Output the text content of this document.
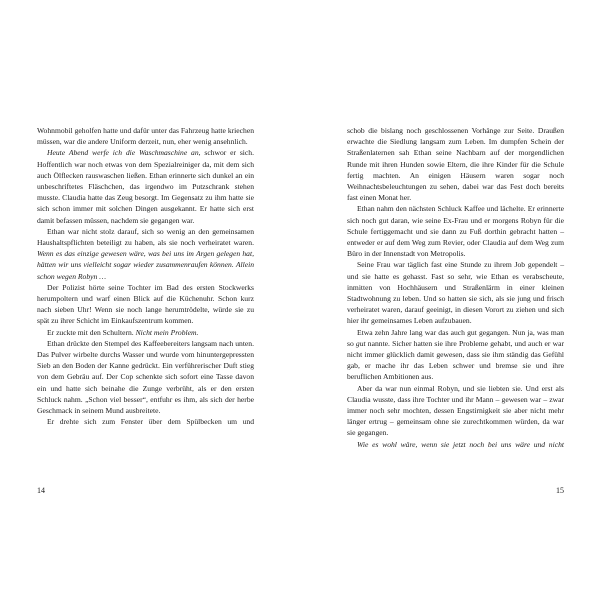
Wohnmobil geholfen hatte und dafür unter das Fahrzeug hatte kriechen müssen, war die andere Uniform derzeit, nun, eher wenig ansehnlich.

Heute Abend werfe ich die Waschmaschine an, schwor er sich. Hoffentlich war noch etwas von dem Spezialreiniger da, mit dem sich auch Ölflecken rauswaschen ließen. Ethan erinnerte sich dunkel an ein unbeschriftetes Fläschchen, das irgendwo im Putzschrank stehen musste. Claudia hatte das Zeug besorgt. Im Gegensatz zu ihm hatte sie sich schon immer mit solchen Dingen ausgekannt. Er hatte sich erst damit befassen müssen, nachdem sie gegangen war.

Ethan war nicht stolz darauf, sich so wenig an den gemeinsamen Haushaltspflichten beteiligt zu haben, als sie noch verheiratet waren. Wenn es das einzige gewesen wäre, was bei uns im Argen gelegen hat, hätten wir uns vielleicht sogar wieder zusammenraufen können. Allein schon wegen Robyn …

Der Polizist hörte seine Tochter im Bad des ersten Stockwerks herumpoltern und warf einen Blick auf die Küchenuhr. Schon kurz nach sieben Uhr! Wenn sie noch lange herumtrödelte, würde sie zu spät zu ihrer Schicht im Einkaufszentrum kommen.

Er zuckte mit den Schultern. Nicht mein Problem.

Ethan drückte den Stempel des Kaffeebereiters langsam nach unten. Das Pulver wirbelte durchs Wasser und wurde vom hinuntergepressten Sieb an den Boden der Kanne gedrückt. Ein verführerischer Duft stieg von dem Gebräu auf. Der Cop schenkte sich sofort eine Tasse davon ein und hatte sich beinahe die Zunge verbrüht, als er den ersten Schluck nahm. „Schon viel besser“, entfuhr es ihm, als sich der herbe Geschmack in seinem Mund ausbreitete.

Er drehte sich zum Fenster über dem Spülbecken um und

14

schob die bislang noch geschlossenen Vorhänge zur Seite. Draußen erwachte die Siedlung langsam zum Leben. Im dumpfen Schein der Straßenlaternen sah Ethan seine Nachbarn auf der morgendlichen Runde mit ihren Hunden sowie Eltern, die ihre Kinder für die Schule fertig machten. An einigen Häusern waren sogar noch Weihnachtsbeleuchtungen zu sehen, dabei war das Fest doch bereits fast einen Monat her.

Ethan nahm den nächsten Schluck Kaffee und lächelte. Er erinnerte sich noch gut daran, wie seine Ex-Frau und er morgens Robyn für die Schule fertiggemacht und sie dann zu Fuß dorthin gebracht hatten – entweder er auf dem Weg zum Revier, oder Claudia auf dem Weg zum Büro in der Innenstadt von Metropolis.

Seine Frau war täglich fast eine Stunde zu ihrem Job gependelt – und sie hatte es gehasst. Fast so sehr, wie Ethan es verabscheute, inmitten von Hochhäusern und Straßenlärm in einer kleinen Stadtwohnung zu leben. Und so hatten sie sich, als sie jung und frisch verheiratet waren, darauf geeinigt, in diesen Vorort zu ziehen und sich hier ihr gemeinsames Leben aufzubauen.

Etwa zehn Jahre lang war das auch gut gegangen. Nun ja, was man so gut nannte. Sicher hatten sie ihre Probleme gehabt, und auch er war nicht immer glücklich damit gewesen, dass sie ihm ständig das Gefühl gab, er mache ihr das Leben schwer und bremse sie und ihre beruflichen Ambitionen aus.

Aber da war nun einmal Robyn, und sie liebten sie. Und erst als Claudia wusste, dass ihre Tochter und ihr Mann – gewesen war – zwar immer noch sehr mochten, dessen Engstirnigkeit sie aber nicht mehr länger ertrug – gemeinsam ohne sie zurechtkommen würden, da war sie gegangen.

Wie es wohl wäre, wenn sie jetzt noch bei uns wäre und nicht

15
